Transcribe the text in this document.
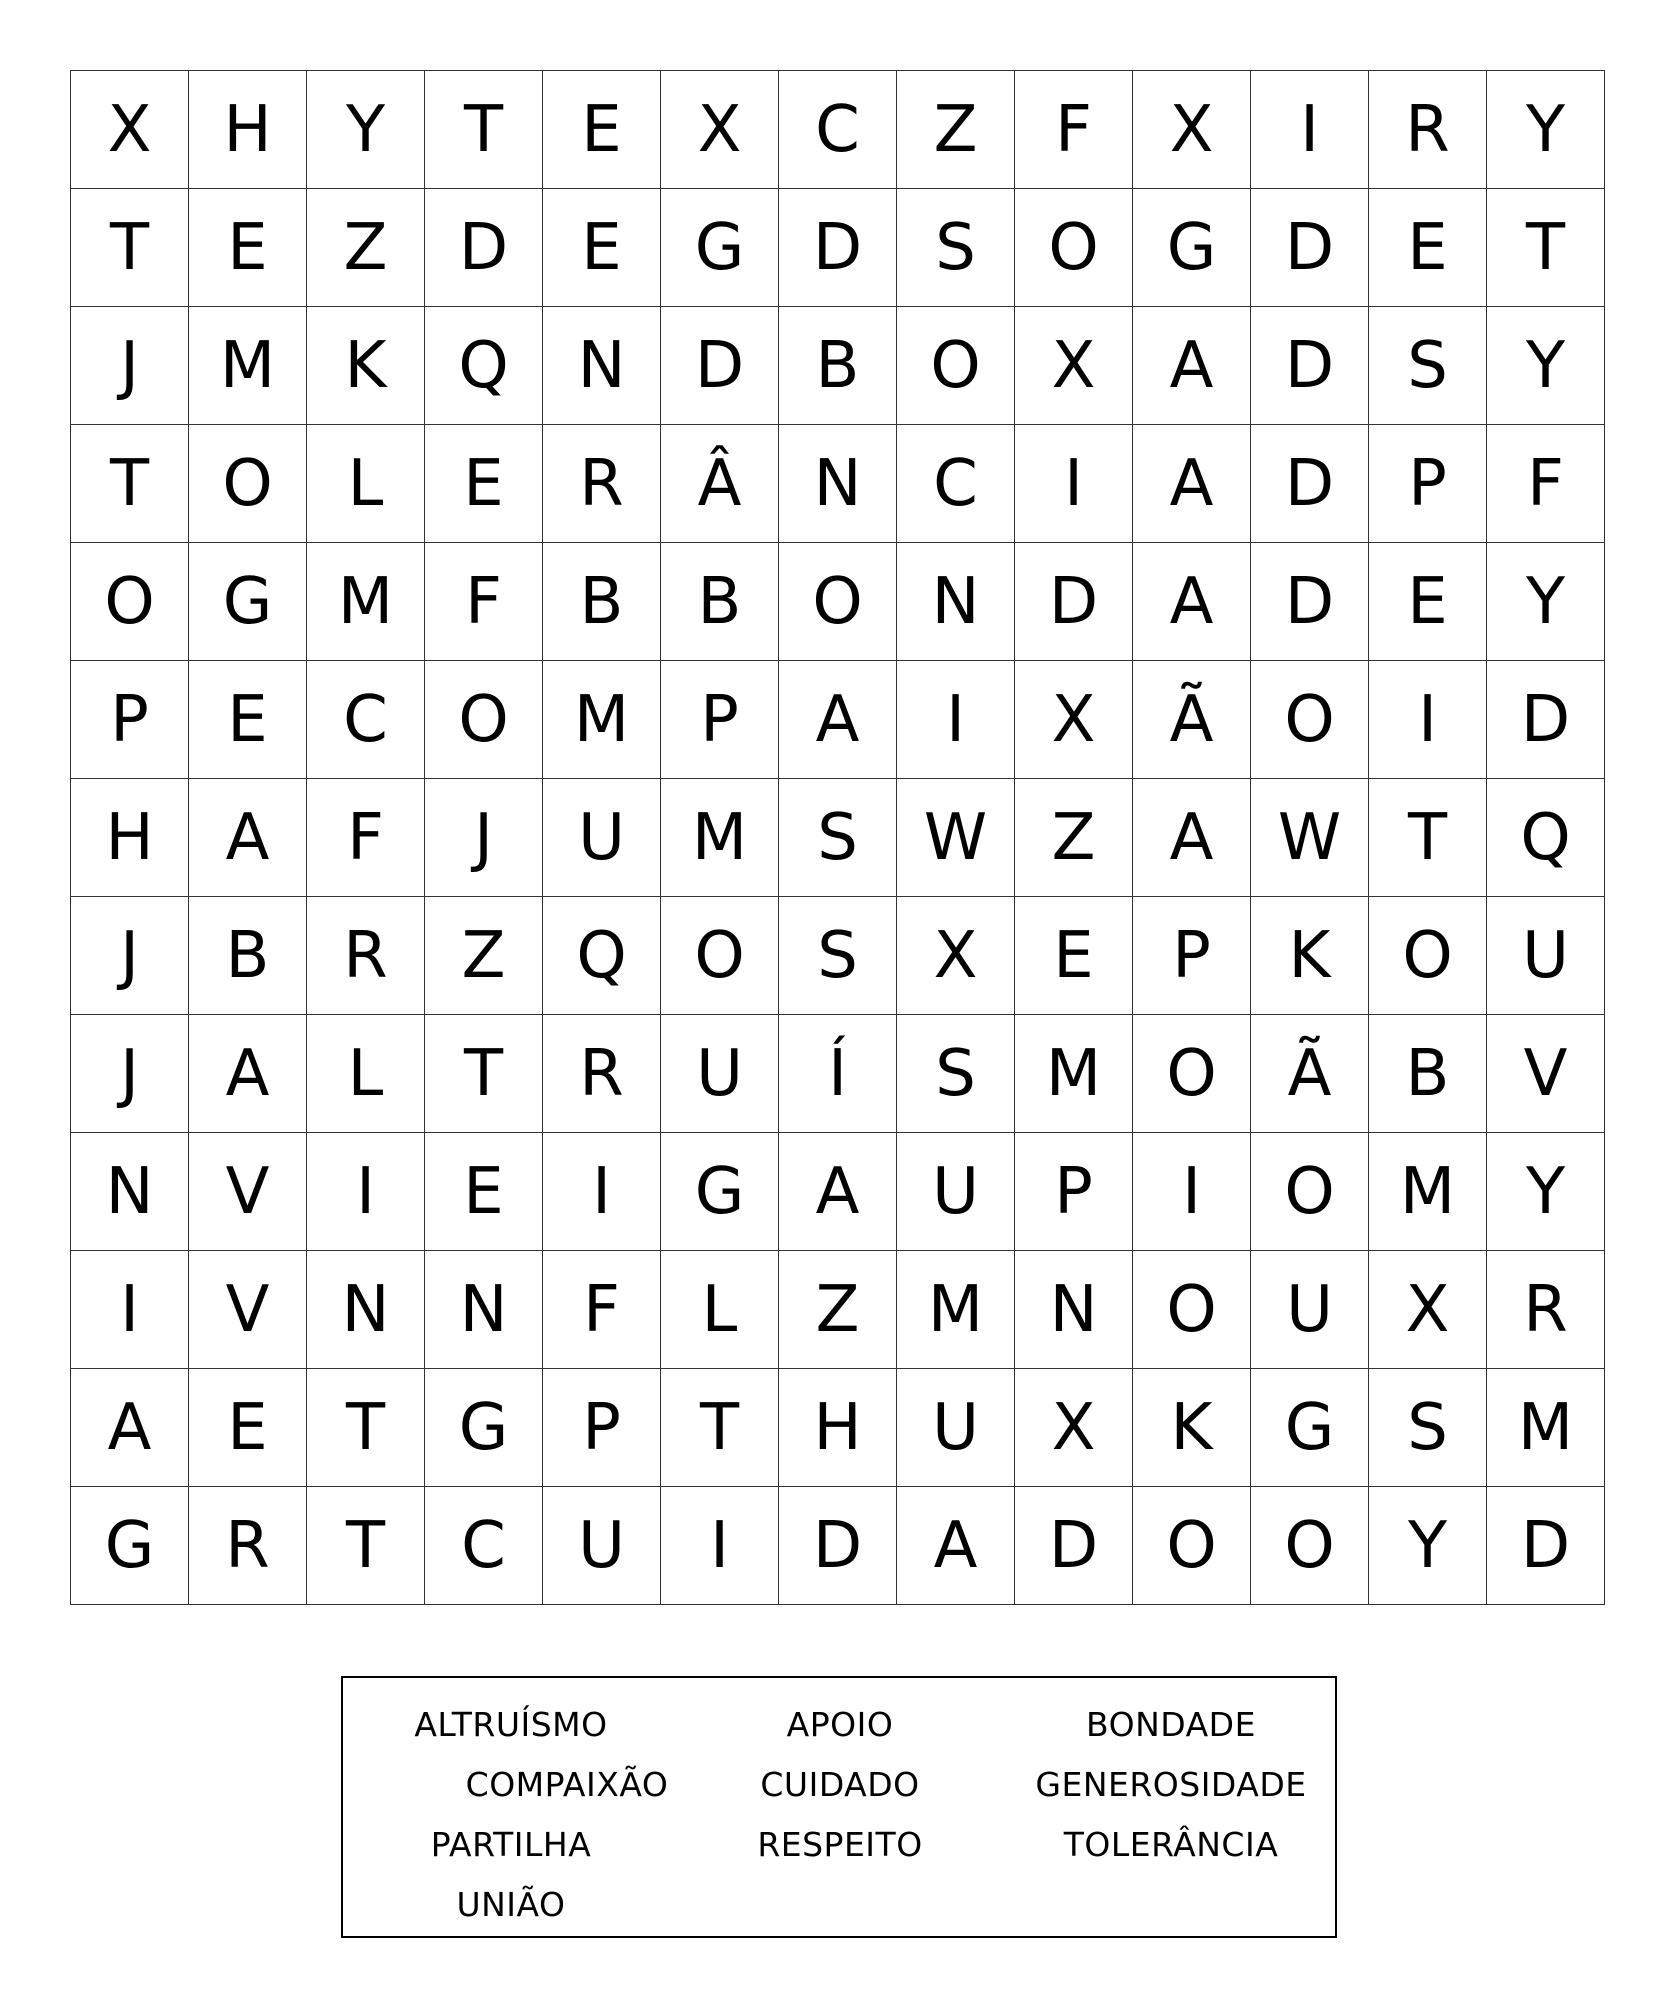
X	H	Y	T	E	X	C	Z	F	X	I	R	Y
T	E	Z	D	E	G	D	S	O	G	D	E	T
J	M	K	Q	N	D	B	O	X	A	D	S	Y
T	O	L	E	R	Â	N	C	I	A	D	P	F
O	G	M	F	B	B	O	N	D	A	D	E	Y
P	E	C	O	M	P	A	I	X	Ã	O	I	D
H	A	F	J	U	M	S	W	Z	A	W	T	Q
J	B	R	Z	Q	O	S	X	E	P	K	O	U
J	A	L	T	R	U	Í	S	M	O	Ã	B	V
N	V	I	E	I	G	A	U	P	I	O	M	Y
I	V	N	N	F	L	Z	M	N	O	U	X	R
A	E	T	G	P	T	H	U	X	K	G	S	M
G	R	T	C	U	I	D	A	D	O	O	Y	D
ALTRUÍSMO	APOIO	BONDADE
COMPAIXÃO	CUIDADO	GENEROSIDADE
PARTILHA	RESPEITO	TOLERÂNCIA
UNIÃO
